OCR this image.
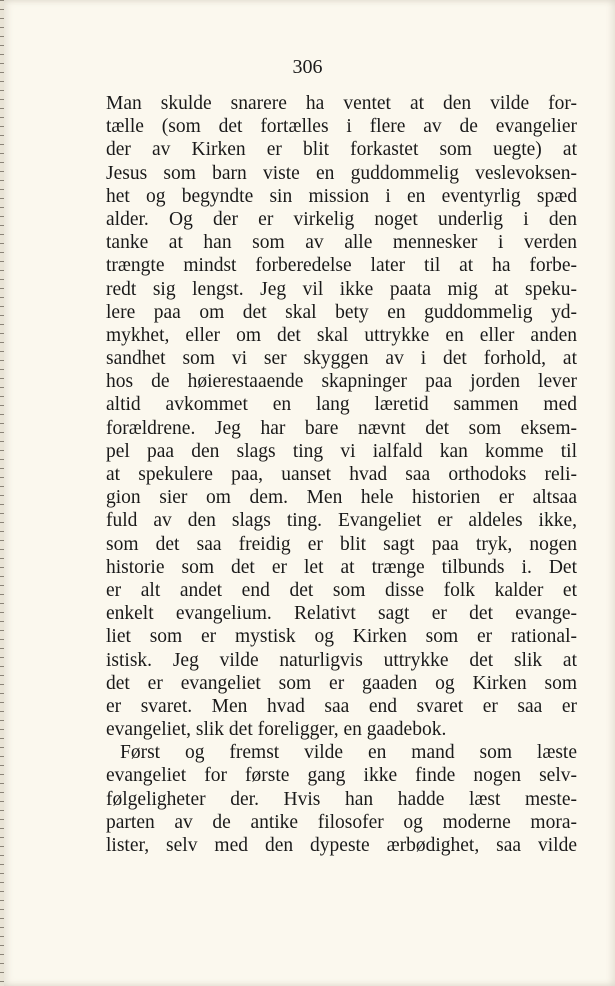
306
Man skulde snarere ha ventet at den vilde for-
tælle (som det fortælles i flere av de evangelier
der av Kirken er blit forkastet som uegte) at
Jesus som barn viste en guddommelig veslevoksen-
het og begyndte sin mission i en eventyrlig spæd
alder. Og der er virkelig noget underlig i den
tanke at han som av alle mennesker i verden
trængte mindst forberedelse later til at ha forbe-
redt sig lengst. Jeg vil ikke paata mig at speku-
lere paa om det skal bety en guddommelig yd-
mykhet, eller om det skal uttrykke en eller anden
sandhet som vi ser skyggen av i det forhold, at
hos de høierestaaende skapninger paa jorden lever
altid avkommet en lang læretid sammen med
forældrene. Jeg har bare nævnt det som eksem-
pel paa den slags ting vi ialfald kan komme til
at spekulere paa, uanset hvad saa orthodoks reli-
gion sier om dem. Men hele historien er altsaa
fuld av den slags ting. Evangeliet er aldeles ikke,
som det saa freidig er blit sagt paa tryk, nogen
historie som det er let at trænge tilbunds i. Det
er alt andet end det som disse folk kalder et
enkelt evangelium. Relativt sagt er det evange-
liet som er mystisk og Kirken som er rational-
istisk. Jeg vilde naturligvis uttrykke det slik at
det er evangeliet som er gaaden og Kirken som
er svaret. Men hvad saa end svaret er saa er
evangeliet, slik det foreligger, en gaadebok.
Først og fremst vilde en mand som læste
evangeliet for første gang ikke finde nogen selv-
følgeligheter der. Hvis han hadde læst meste-
parten av de antike filosofer og moderne mora-
lister, selv med den dypeste ærbødighet, saa vilde
